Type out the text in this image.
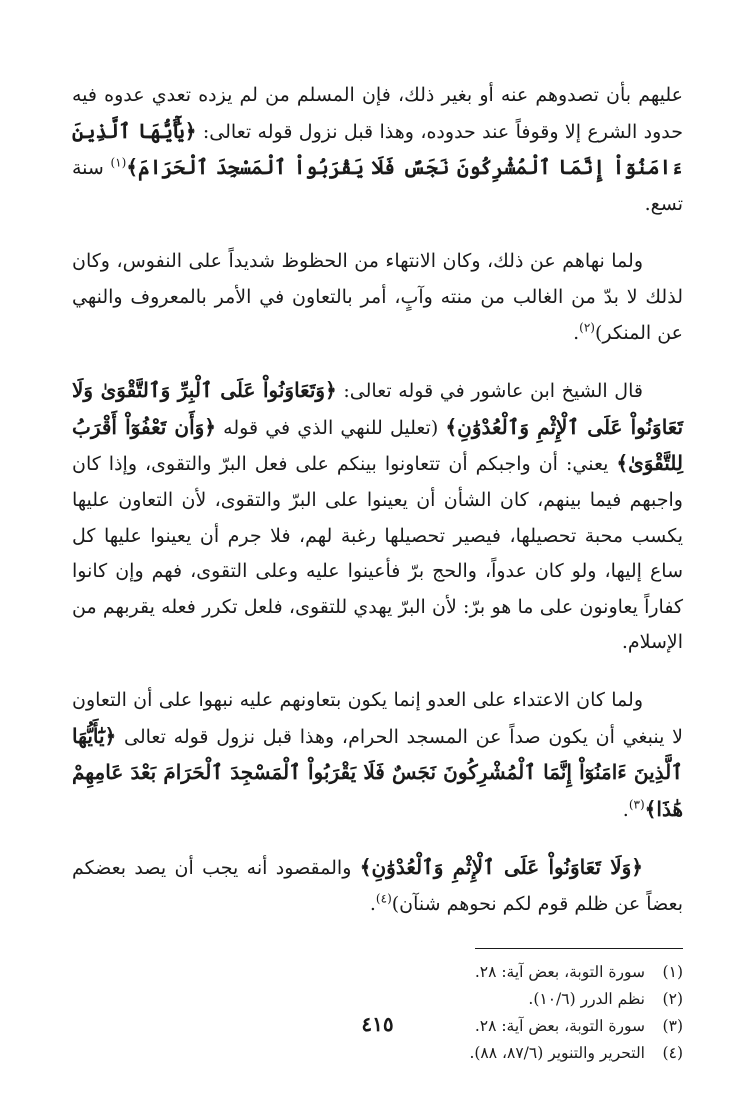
عليهم بأن تصدوهم عنه أو بغير ذلك، فإن المسلم من لم يزده تعدي عدوه فيه حدود الشرع إلا وقوفاً عند حدوده، وهذا قبل نزول قوله تعالى: ﴿يَٰٓأَيُّهَا ٱلَّذِينَ ءَامَنُوٓاْ إِنَّمَا ٱلْمُشْرِكُونَ نَجَسٌ فَلَا يَقْرَبُواْ ٱلْمَسْجِدَ ٱلْحَرَامَ﴾$^{(١)}$ سنة تسع.

ولما نهاهم عن ذلك، وكان الانتهاء من الحظوظ شديداً على النفوس، وكان لذلك لا بدّ من الغالب من منته وآبٍ، أمر بالتعاون في الأمر بالمعروف والنهي عن المنكر)$^{(٢)}$.

قال الشيخ ابن عاشور في قوله تعالى: ﴿وَتَعَاوَنُواْ عَلَى ٱلْبِرِّ وَٱلتَّقْوَىٰ وَلَا تَعَاوَنُواْ عَلَى ٱلْإِثْمِ وَٱلْعُدْوَٰنِ﴾ (تعليل للنهي الذي في قوله ﴿وَأَن تَعْفُوٓاْ أَقْرَبُ لِلتَّقْوَىٰ﴾ يعني: أن واجبكم أن تتعاونوا بينكم على فعل البرّ والتقوى، وإذا كان واجبهم فيما بينهم، كان الشأن أن يعينوا على البرّ والتقوى، لأن التعاون عليها يكسب محبة تحصيلها، فيصير تحصيلها رغبة لهم، فلا جرم أن يعينوا عليها كل ساع إليها، ولو كان عدواً، والحج برّ فأعينوا عليه وعلى التقوى، فهم وإن كانوا كفاراً يعاونون على ما هو برّ: لأن البرّ يهدي للتقوى، فلعل تكرر فعله يقربهم من الإسلام.

ولما كان الاعتداء على العدو إنما يكون بتعاونهم عليه نبهوا على أن التعاون لا ينبغي أن يكون صداً عن المسجد الحرام، وهذا قبل نزول قوله تعالى ﴿يَٰٓأَيُّهَا ٱلَّذِينَ ءَامَنُوٓاْ إِنَّمَا ٱلْمُشْرِكُونَ نَجَسٌ فَلَا يَقْرَبُواْ ٱلْمَسْجِدَ ٱلْحَرَامَ بَعْدَ عَامِهِمْ هَٰذَا﴾$^{(٣)}$.

﴿وَلَا تَعَاوَنُواْ عَلَى ٱلْإِثْمِ وَٱلْعُدْوَٰنِ﴾ والمقصود أنه يجب أن يصد بعضكم بعضاً عن ظلم قوم لكم نحوهم شنآن)$^{(٤)}$.

(١)سورة التوبة، بعض آية: ٢٨.

(٢)نظم الدرر (١٠/٦).

(٣)سورة التوبة، بعض آية: ٢٨.

(٤)التحرير والتنوير (٨٧/٦، ٨٨).

٤١٥
